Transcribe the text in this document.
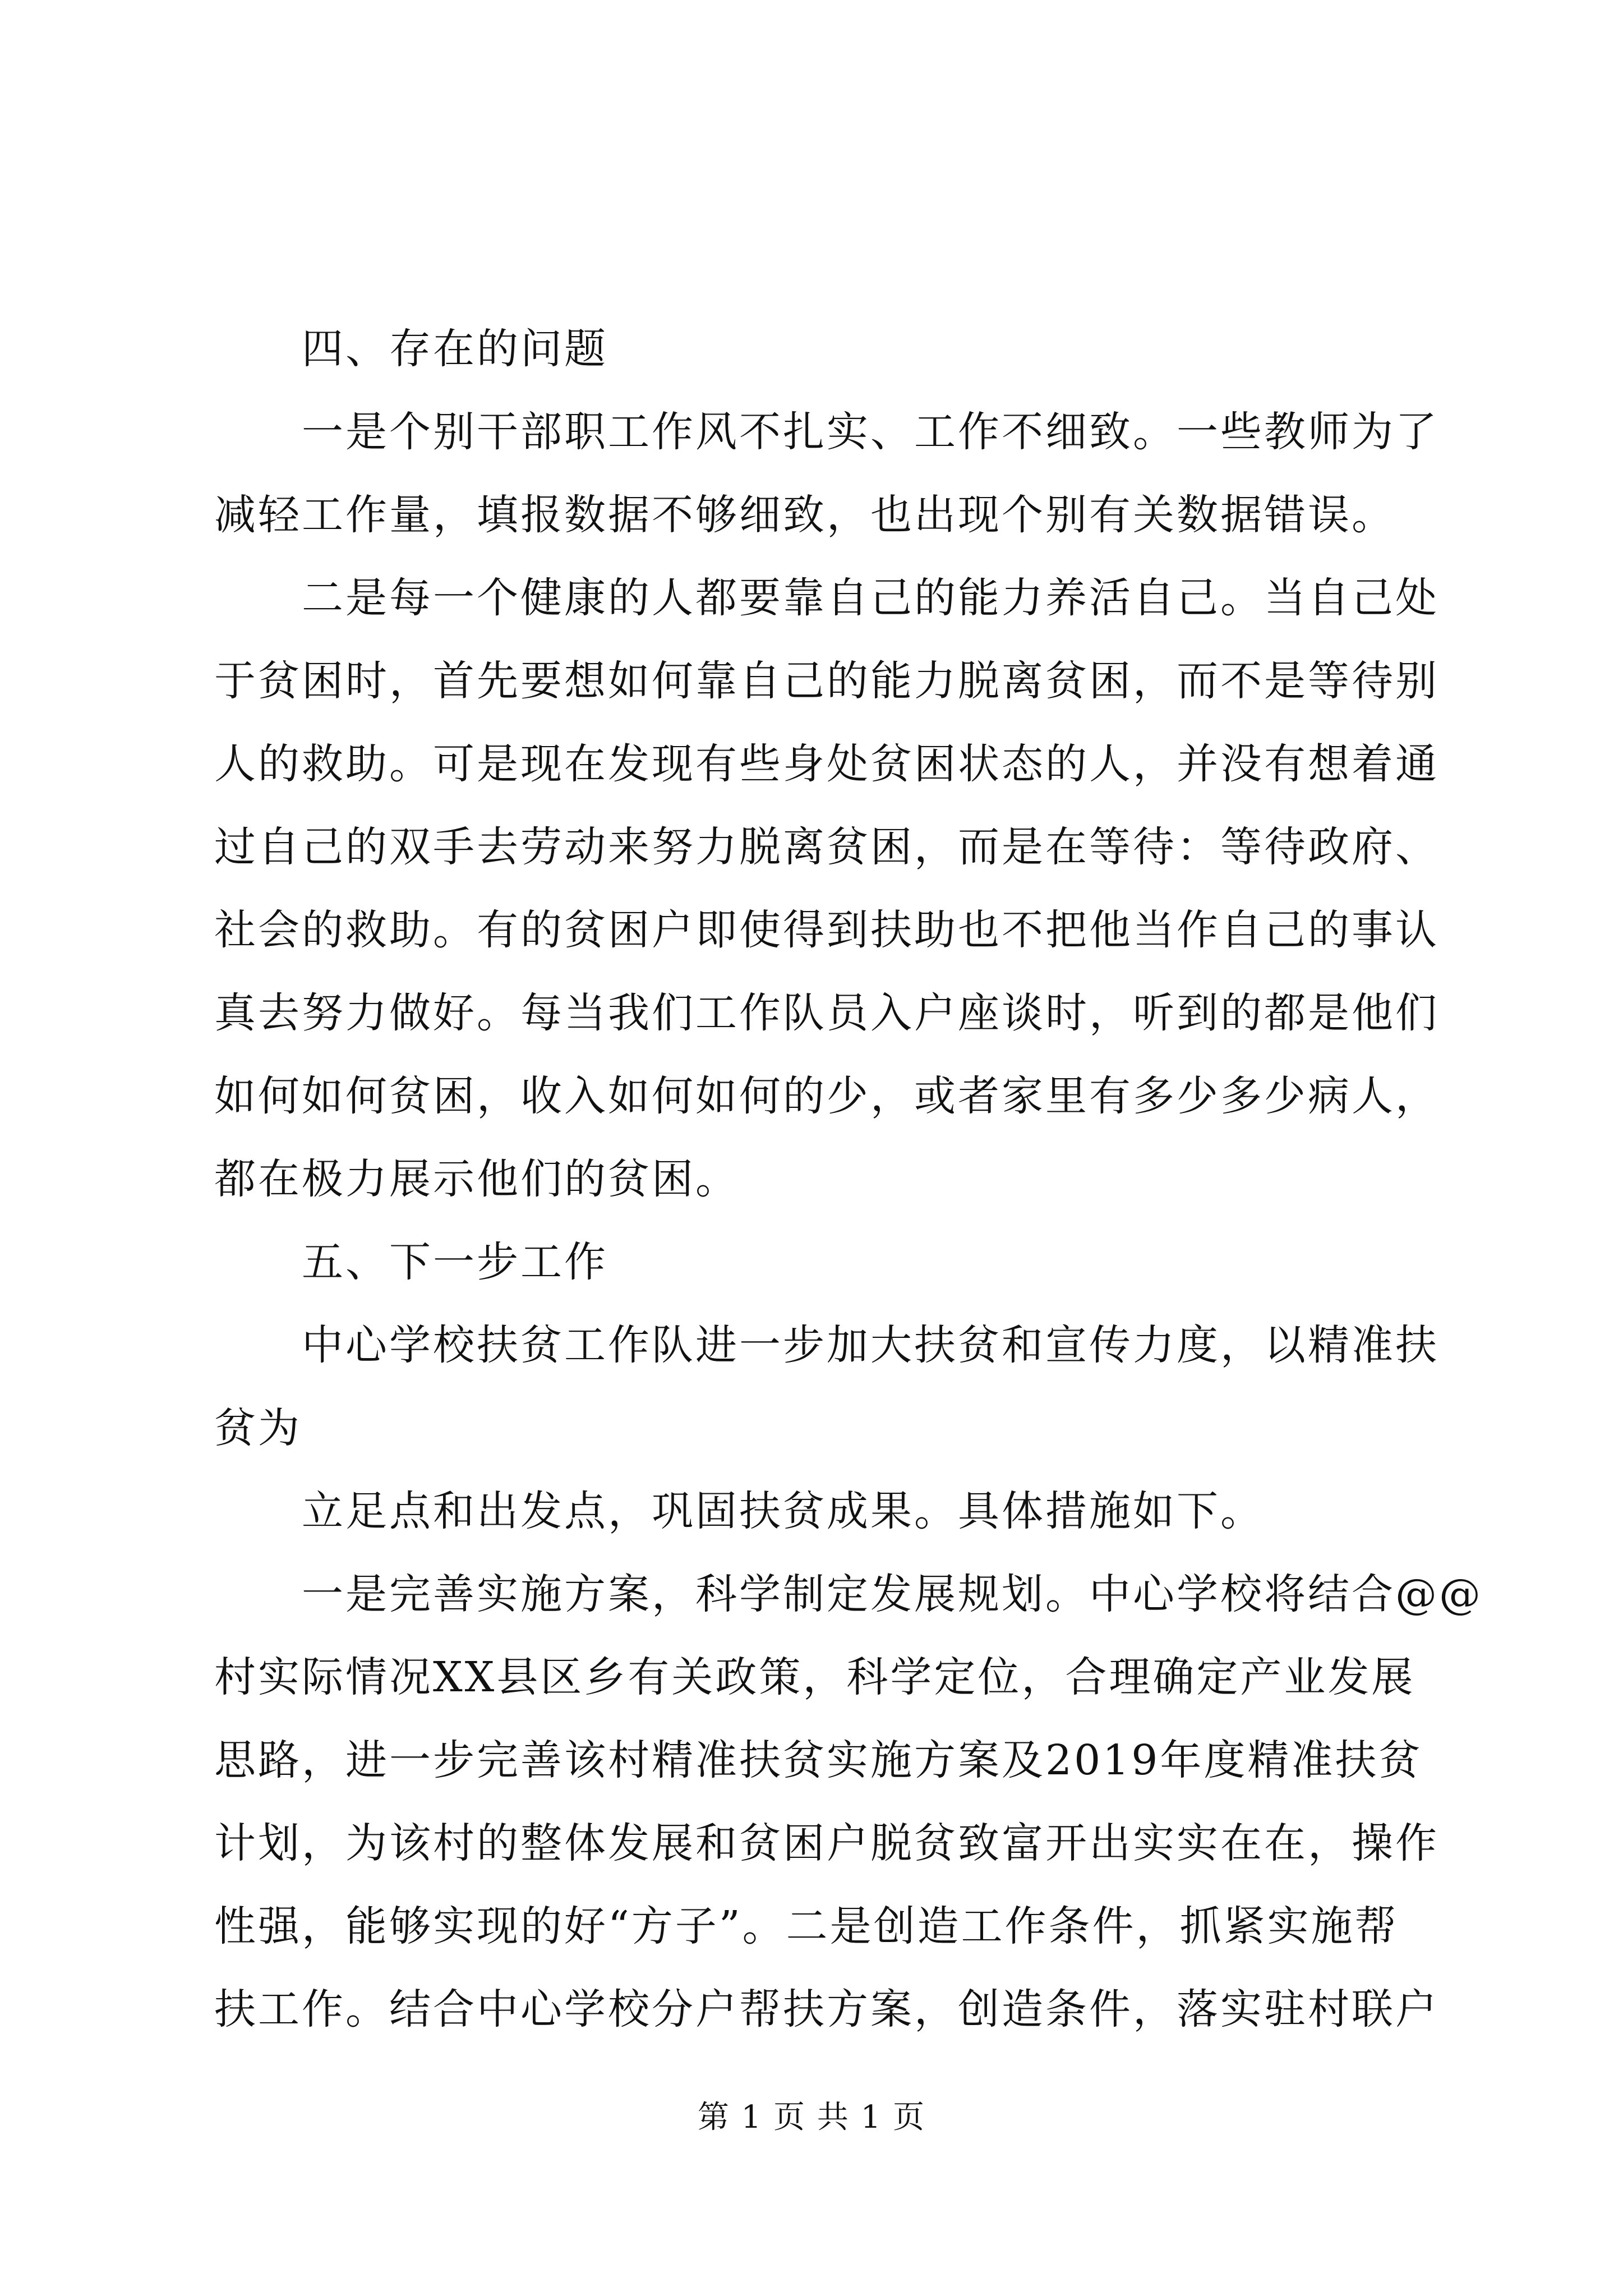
四、存在的问题
一是个别干部职工作风不扎实、工作不细致。一些教师为了
减轻工作量，填报数据不够细致，也出现个别有关数据错误。
二是每一个健康的人都要靠自己的能力养活自己。当自己处
于贫困时，首先要想如何靠自己的能力脱离贫困，而不是等待别
人的救助。可是现在发现有些身处贫困状态的人，并没有想着通
过自己的双手去劳动来努力脱离贫困，而是在等待：等待政府、
社会的救助。有的贫困户即使得到扶助也不把他当作自己的事认
真去努力做好。每当我们工作队员入户座谈时，听到的都是他们
如何如何贫困，收入如何如何的少，或者家里有多少多少病人，
都在极力展示他们的贫困。
五、下一步工作
中心学校扶贫工作队进一步加大扶贫和宣传力度，以精准扶
贫为
立足点和出发点，巩固扶贫成果。具体措施如下。
一是完善实施方案，科学制定发展规划。中心学校将结合@@
村实际情况XX县区乡有关政策，科学定位，合理确定产业发展
思路，进一步完善该村精准扶贫实施方案及2019年度精准扶贫
计划，为该村的整体发展和贫困户脱贫致富开出实实在在，操作
性强，能够实现的好“方子”。二是创造工作条件，抓紧实施帮
扶工作。结合中心学校分户帮扶方案，创造条件，落实驻村联户
第 1 页 共 1 页
